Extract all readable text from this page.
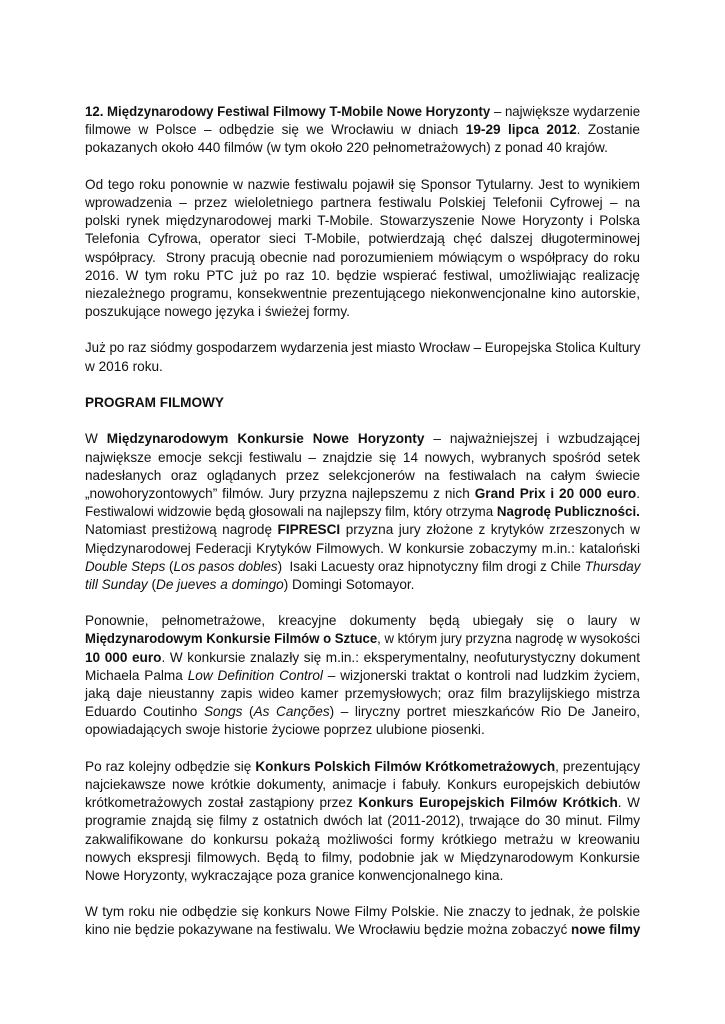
12. Międzynarodowy Festiwal Filmowy T-Mobile Nowe Horyzonty – największe wydarzenie
filmowe w Polsce – odbędzie się we Wrocławiu w dniach 19-29 lipca 2012. Zostanie
pokazanych około 440 filmów (w tym około 220 pełnometrażowych) z ponad 40 krajów.
Od tego roku ponownie w nazwie festiwalu pojawił się Sponsor Tytularny. Jest to wynikiem
wprowadzenia – przez wieloletniego partnera festiwalu Polskiej Telefonii Cyfrowej – na
polski rynek międzynarodowej marki T-Mobile. Stowarzyszenie Nowe Horyzonty i Polska
Telefonia Cyfrowa, operator sieci T-Mobile, potwierdzają chęć dalszej długoterminowej
współpracy.  Strony pracują obecnie nad porozumieniem mówiącym o współpracy do roku
2016. W tym roku PTC już po raz 10. będzie wspierać festiwal, umożliwiając realizację
niezależnego programu, konsekwentnie prezentującego niekonwencjonalne kino autorskie,
poszukujące nowego języka i świeżej formy.
Już po raz siódmy gospodarzem wydarzenia jest miasto Wrocław – Europejska Stolica Kultury
w 2016 roku.
PROGRAM FILMOWY
W Międzynarodowym Konkursie Nowe Horyzonty – najważniejszej i wzbudzającej
największe emocje sekcji festiwalu – znajdzie się 14 nowych, wybranych spośród setek
nadesłanych oraz oglądanych przez selekcjonerów na festiwalach na całym świecie
„nowohoryzontowych” filmów. Jury przyzna najlepszemu z nich Grand Prix i 20 000 euro.
Festiwalowi widzowie będą głosowali na najlepszy film, który otrzyma Nagrodę Publiczności.
Natomiast prestiżową nagrodę FIPRESCI przyzna jury złożone z krytyków zrzeszonych w
Międzynarodowej Federacji Krytyków Filmowych. W konkursie zobaczymy m.in.: kataloński
Double Steps (Los pasos dobles)  Isaki Lacuesty oraz hipnotyczny film drogi z Chile Thursday
till Sunday (De jueves a domingo) Domingi Sotomayor.
Ponownie, pełnometrażowe, kreacyjne dokumenty będą ubiegały się o laury w
Międzynarodowym Konkursie Filmów o Sztuce, w którym jury przyzna nagrodę w wysokości
10 000 euro. W konkursie znalazły się m.in.: eksperymentalny, neofuturystyczny dokument
Michaela Palma Low Definition Control – wizjonerski traktat o kontroli nad ludzkim życiem,
jaką daje nieustanny zapis wideo kamer przemysłowych; oraz film brazylijskiego mistrza
Eduardo Coutinho Songs (As Canções) – liryczny portret mieszkańców Rio De Janeiro,
opowiadających swoje historie życiowe poprzez ulubione piosenki.
Po raz kolejny odbędzie się Konkurs Polskich Filmów Krótkometrażowych, prezentujący
najciekawsze nowe krótkie dokumenty, animacje i fabuły. Konkurs europejskich debiutów
krótkometrażowych został zastąpiony przez Konkurs Europejskich Filmów Krótkich. W
programie znajdą się filmy z ostatnich dwóch lat (2011-2012), trwające do 30 minut. Filmy
zakwalifikowane do konkursu pokażą możliwości formy krótkiego metrażu w kreowaniu
nowych ekspresji filmowych. Będą to filmy, podobnie jak w Międzynarodowym Konkursie
Nowe Horyzonty, wykraczające poza granice konwencjonalnego kina.
W tym roku nie odbędzie się konkurs Nowe Filmy Polskie. Nie znaczy to jednak, że polskie
kino nie będzie pokazywane na festiwalu. We Wrocławiu będzie można zobaczyć nowe filmy
